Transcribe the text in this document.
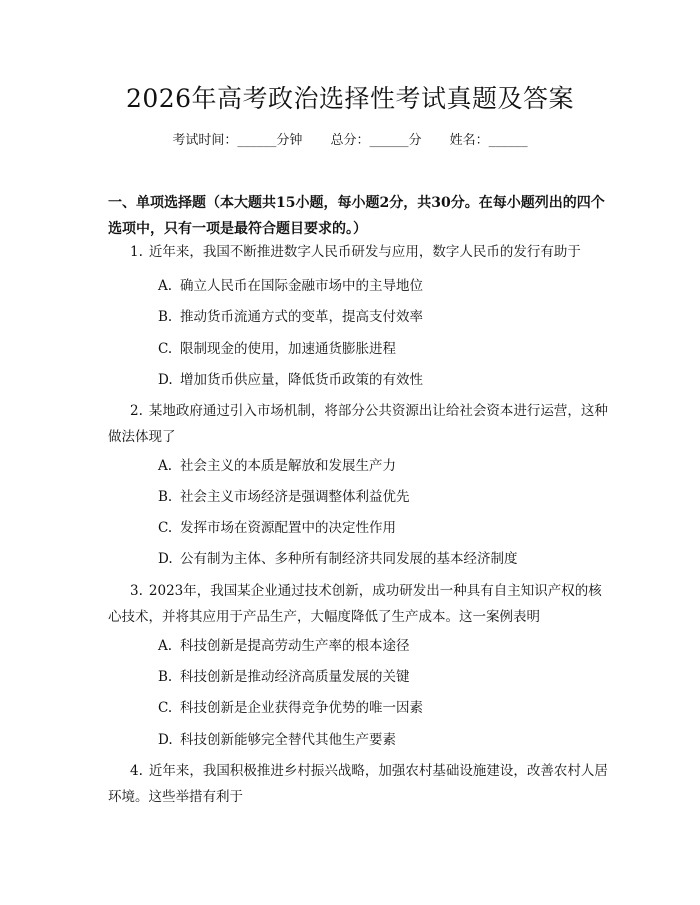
2026年高考政治选择性考试真题及答案
考试时间：______分钟 总分：______分 姓名：______
一、单项选择题（本大题共15小题，每小题2分，共30分。在每小题列出的四个选项中，只有一项是最符合题目要求的。）
1. 近年来，我国不断推进数字人民币研发与应用，数字人民币的发行有助于
A. 确立人民币在国际金融市场中的主导地位
B. 推动货币流通方式的变革，提高支付效率
C. 限制现金的使用，加速通货膨胀进程
D. 增加货币供应量，降低货币政策的有效性
2. 某地政府通过引入市场机制，将部分公共资源出让给社会资本进行运营，这种做法体现了
A. 社会主义的本质是解放和发展生产力
B. 社会主义市场经济是强调整体利益优先
C. 发挥市场在资源配置中的决定性作用
D. 公有制为主体、多种所有制经济共同发展的基本经济制度
3. 2023年，我国某企业通过技术创新，成功研发出一种具有自主知识产权的核心技术，并将其应用于产品生产，大幅度降低了生产成本。这一案例表明
A. 科技创新是提高劳动生产率的根本途径
B. 科技创新是推动经济高质量发展的关键
C. 科技创新是企业获得竞争优势的唯一因素
D. 科技创新能够完全替代其他生产要素
4. 近年来，我国积极推进乡村振兴战略，加强农村基础设施建设，改善农村人居环境。这些举措有利于
